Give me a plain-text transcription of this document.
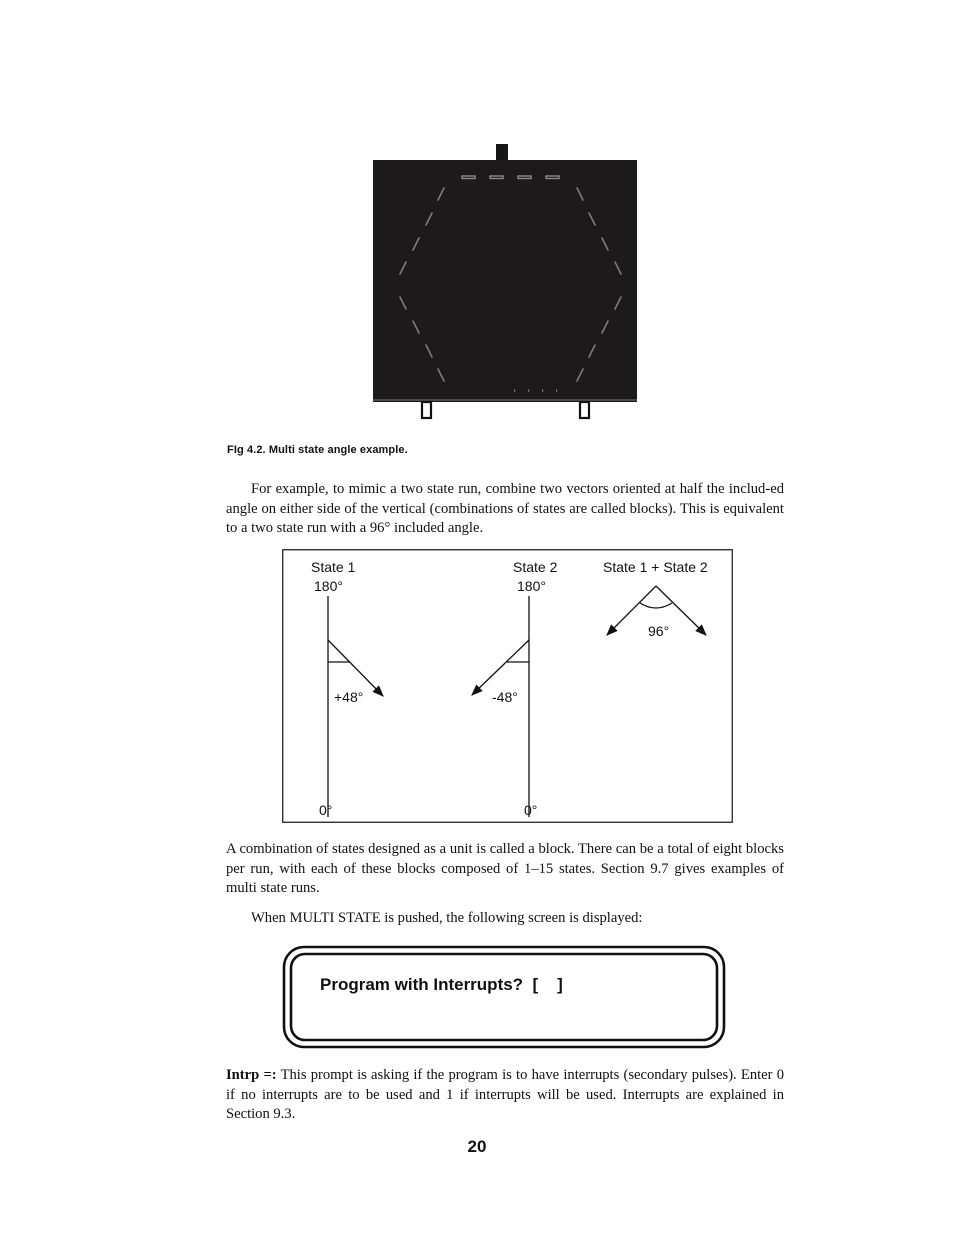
FIg 4.2. Multi state angle example.

For example, to mimic a two state run, combine two vectors oriented at half the includ-ed angle on either side of the vertical (combinations of states are called blocks). This is equivalent to a two state run with a 96° included angle.

State 1
180°
+48°
0°
State 2
180°
-48°
0°
State 1 + State 2
96°

A combination of states designed as a unit is called a block. There can be a total of eight blocks per run, with each of these blocks composed of 1–15 states. Section 9.7 gives examples of multi state runs.

When MULTI STATE is pushed, the following screen is displayed:

Program with Interrupts?  [    ]

Intrp =: This prompt is asking if the program is to have interrupts (secondary pulses). Enter 0 if no interrupts are to be used and 1 if interrupts will be used. Interrupts are explained in Section 9.3.

20
